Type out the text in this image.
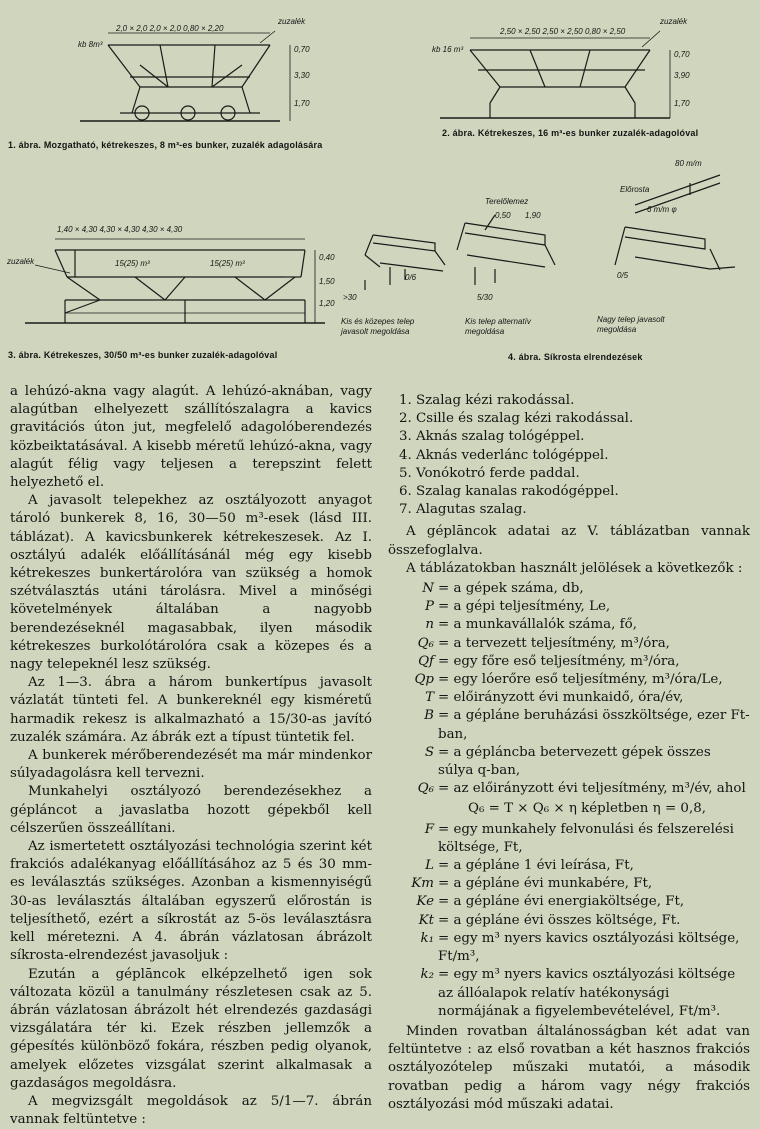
2,0 × 2,0 2,0 × 2,0 0,80 × 2,20
kb 8m³
zuzalék
3,30
1,70
0,70
1. ábra. Mozgatható, kétrekeszes, 8 m³-es bunker, zuzalék adagolására
2,50 × 2,50 2,50 × 2,50 0,80 × 2,50
kb 16 m³
zuzalék
3,90
1,70
0,70
2. ábra. Kétrekeszes, 16 m³-es bunker zuzalék-adagolóval
1,40 × 4,30 4,30 × 4,30 4,30 × 4,30
zuzalék	15(25) m³	15(25) m³
1,50
1,20
0,40
3. ábra. Kétrekeszes, 30/50 m³-es bunker zuzalék-adagolóval
Terelőlemez
Előrosta
0,50 1,90
6 m/m φ
80 m/m
>30	5/30
0/5
0/6
Kis és közepes telep javasolt megoldása
Kis telep alternatív megoldása
Nagy telep javasolt megoldása
4. ábra. Síkrosta elrendezések

a lehúzó-akna vagy alagút. A lehúzó-aknában, vagy alagútban elhelyezett szállítószalagra a kavics gravitációs úton jut, megfelelő adagolóberendezés közbeiktatásával. A kisebb méretű lehúzó-akna, vagy alagút félig vagy teljesen a terepszint felett helyezhető el.

A javasolt telepekhez az osztályozott anyagot tároló bunkerek 8, 16, 30—50 m³-esek (lásd III. táblázat). A kavicsbunkerek kétrekeszesek. Az I. osztályú adalék előállításánál még egy kisebb kétrekeszes bunkertárolóra van szükség a homok szétválasztás utáni tárolásra. Mivel a minőségi követelmények általában a nagyobb berendezéseknél magasabbak, ilyen második kétrekeszes burkolótárolóra csak a közepes és a nagy telepeknél lesz szükség.

Az 1—3. ábra a három bunkertípus javasolt vázlatát tünteti fel. A bunkereknél egy kisméretű harmadik rekesz is alkalmazható a 15/30-as javító zuzalék számára. Az ábrák ezt a típust tüntetik fel.

A bunkerek mérőberendezését ma már mindenkor súlyadagolásra kell tervezni.

Munkahelyi osztályozó berendezésekhez a gépláncot a javaslatba hozott gépekből kell célszerűen összeállítani.

Az ismertetett osztályozási technológia szerint két frakciós adalékanyag előállításához az 5 és 30 mm-es leválasztás szükséges. Azonban a kismennyiségű 30-as leválasztás általában egyszerű előrostán is teljesíthető, ezért a síkrostát az 5-ös leválasztásra kell méretezni. A 4. ábrán vázlatosan ábrázolt síkrosta-elrendezést javasoljuk :

Ezután a géplāncok elképzelhető igen sok változata közül a tanulmány részletesen csak az 5. ábrán vázlatosan ábrázolt hét elrendezés gazdasági vizsgálatára tér ki. Ezek részben jellemzők a gépesítés különböző fokára, részben pedig olyanok, amelyek előzetes vizsgálat szerint alkalmasak a gazdaságos megoldásra.

A megvizsgált megoldások az 5/1—7. ábrán vannak feltüntetve :

1. Szalag kézi rakodással.
2. Csille és szalag kézi rakodással.
3. Aknás szalag tológéppel.
4. Aknás vederlánc tológéppel.
5. Vonókotró ferde paddal.
6. Szalag kanalas rakodógéppel.
7. Alagutas szalag.

A géplāncok adatai az V. táblázatban vannak összefoglalva.

A táblázatokban használt jelölések a következők :

N = a gépek száma, db,
P = a gépi teljesítmény, Le,
n = a munkavállalók száma, fő,
Q₆ = a tervezett teljesítmény, m³/óra,
Qf = egy főre eső teljesítmény, m³/óra,
Qp = egy lóerőre eső teljesítmény, m³/óra/Le,
T = előirányzott évi munkaidő, óra/év,
B = a gépláne beruházási összköltsége, ezer Ft-ban,
S = a gépláncba betervezett gépek összes súlya q-ban,
Q₆ = az előirányzott évi teljesítmény, m³/év, ahol
Q₆ = T × Q₆ × η képletben η = 0,8,
F = egy munkahely felvonulási és felszerelési költsége, Ft,
L = a gépláne 1 évi leírása, Ft,
Km = a gépláne évi munkabére, Ft,
Ke = a gépláne évi energiaköltsége, Ft,
Kt = a gépláne évi összes költsége, Ft.
k₁ = egy m³ nyers kavics osztályozási költsége, Ft/m³,
k₂ = egy m³ nyers kavics osztályozási költsége az állóalapok relatív hatékonysági normájának a figyelembevételével, Ft/m³.

Minden rovatban általánosságban két adat van feltüntetve : az első rovatban a két hasznos frakciós osztályozótelep műszaki mutatói, a második rovatban pedig a három vagy négy frakciós osztályozási mód műszaki adatai.
